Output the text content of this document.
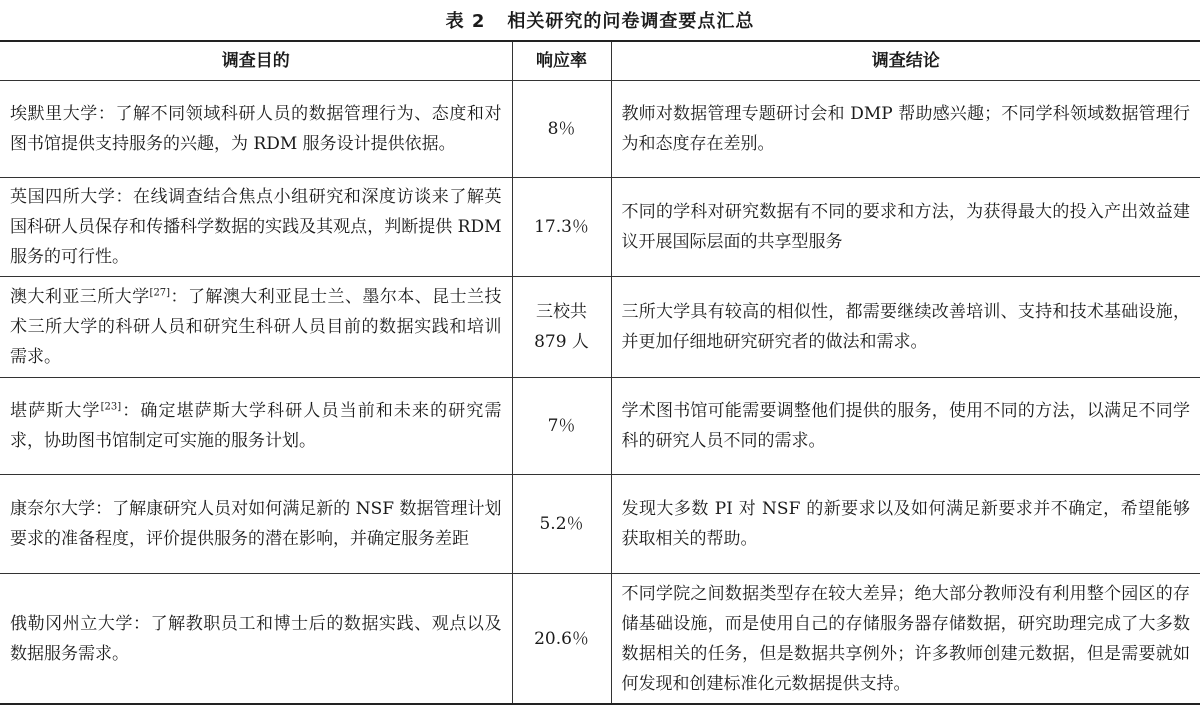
表 2 相关研究的问卷调查要点汇总
调查目的	响应率	调查结论
埃默里大学：了解不同领域科研人员的数据管理行为、态度和对图书馆提供支持服务的兴趣，为 RDM 服务设计提供依据。	8％	教师对数据管理专题研讨会和 DMP 帮助感兴趣；不同学科领域数据管理行为和态度存在差别。
英国四所大学：在线调查结合焦点小组研究和深度访谈来了解英国科研人员保存和传播科学数据的实践及其观点，判断提供 RDM 服务的可行性。	17.3％	不同的学科对研究数据有不同的要求和方法，为获得最大的投入产出效益建议开展国际层面的共享型服务
澳大利亚三所大学[27]：了解澳大利亚昆士兰、墨尔本、昆士兰技术三所大学的科研人员和研究生科研人员目前的数据实践和培训需求。	三校共 879 人	三所大学具有较高的相似性，都需要继续改善培训、支持和技术基础设施，并更加仔细地研究研究者的做法和需求。
堪萨斯大学[23]：确定堪萨斯大学科研人员当前和未来的研究需求，协助图书馆制定可实施的服务计划。	7％	学术图书馆可能需要调整他们提供的服务，使用不同的方法，以满足不同学科的研究人员不同的需求。
康奈尔大学：了解康研究人员对如何满足新的 NSF 数据管理计划要求的准备程度，评价提供服务的潜在影响，并确定服务差距	5.2％	发现大多数 PI 对 NSF 的新要求以及如何满足新要求并不确定，希望能够获取相关的帮助。
俄勒冈州立大学：了解教职员工和博士后的数据实践、观点以及数据服务需求。	20.6％	不同学院之间数据类型存在较大差异；绝大部分教师没有利用整个园区的存储基础设施，而是使用自己的存储服务器存储数据，研究助理完成了大多数数据相关的任务，但是数据共享例外；许多教师创建元数据，但是需要就如何发现和创建标准化元数据提供支持。
